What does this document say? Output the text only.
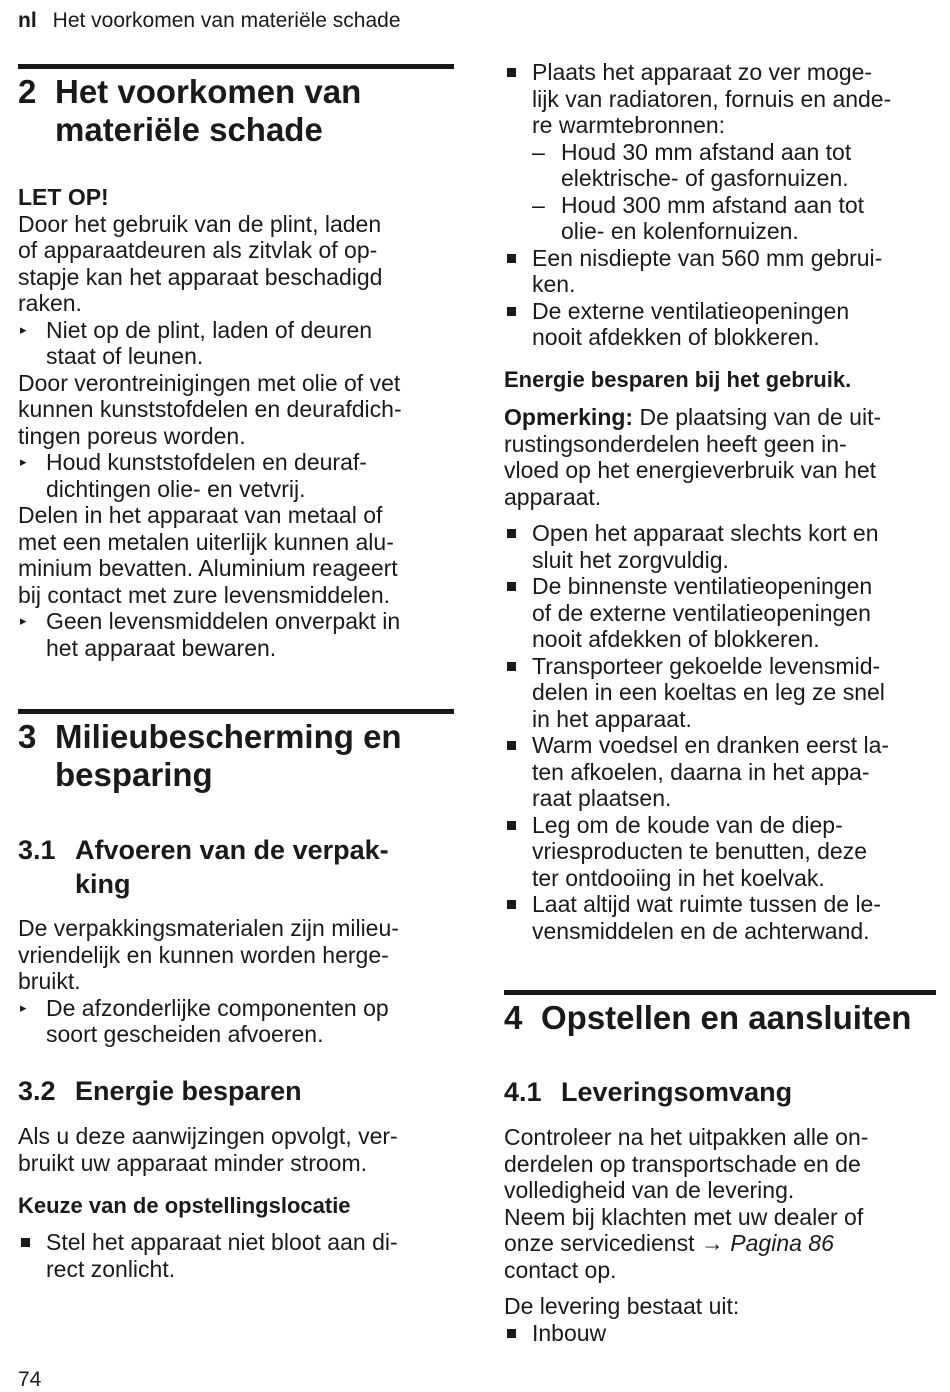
nl Het voorkomen van materiële schade
2 Het voorkomen van
materiële schade
LET OP!
Door het gebruik van de plint, laden
of apparaatdeuren als zitvlak of op-
stapje kan het apparaat beschadigd
raken.
▸ Niet op de plint, laden of deuren
staat of leunen.
Door verontreinigingen met olie of vet
kunnen kunststofdelen en deurafdich-
tingen poreus worden.
▸ Houd kunststofdelen en deuraf-
dichtingen olie- en vetvrij.
Delen in het apparaat van metaal of
met een metalen uiterlijk kunnen alu-
minium bevatten. Aluminium reageert
bij contact met zure levensmiddelen.
▸ Geen levensmiddelen onverpakt in
het apparaat bewaren.
3 Milieubescherming en
besparing
3.1 Afvoeren van de verpak-
king
De verpakkingsmaterialen zijn milieu-
vriendelijk en kunnen worden herge-
bruikt.
▸ De afzonderlijke componenten op
soort gescheiden afvoeren.
3.2 Energie besparen
Als u deze aanwijzingen opvolgt, ver-
bruikt uw apparaat minder stroom.
Keuze van de opstellingslocatie
Stel het apparaat niet bloot aan di-
rect zonlicht.
Plaats het apparaat zo ver moge-
lijk van radiatoren, fornuis en ande-
re warmtebronnen:
– Houd 30 mm afstand aan tot
elektrische- of gasfornuizen.
– Houd 300 mm afstand aan tot
olie- en kolenfornuizen.
Een nisdiepte van 560 mm gebrui-
ken.
De externe ventilatieopeningen
nooit afdekken of blokkeren.
Energie besparen bij het gebruik.
Opmerking: De plaatsing van de uit-
rustingsonderdelen heeft geen in-
vloed op het energieverbruik van het
apparaat.
Open het apparaat slechts kort en
sluit het zorgvuldig.
De binnenste ventilatieopeningen
of de externe ventilatieopeningen
nooit afdekken of blokkeren.
Transporteer gekoelde levensmid-
delen in een koeltas en leg ze snel
in het apparaat.
Warm voedsel en dranken eerst la-
ten afkoelen, daarna in het appa-
raat plaatsen.
Leg om de koude van de diep-
vriesproducten te benutten, deze
ter ontdooiing in het koelvak.
Laat altijd wat ruimte tussen de le-
vensmiddelen en de achterwand.
4 Opstellen en aansluiten
4.1 Leveringsomvang
Controleer na het uitpakken alle on-
derdelen op transportschade en de
volledigheid van de levering.
Neem bij klachten met uw dealer of
onze servicedienst → Pagina 86
contact op.
De levering bestaat uit:
Inbouw
74
